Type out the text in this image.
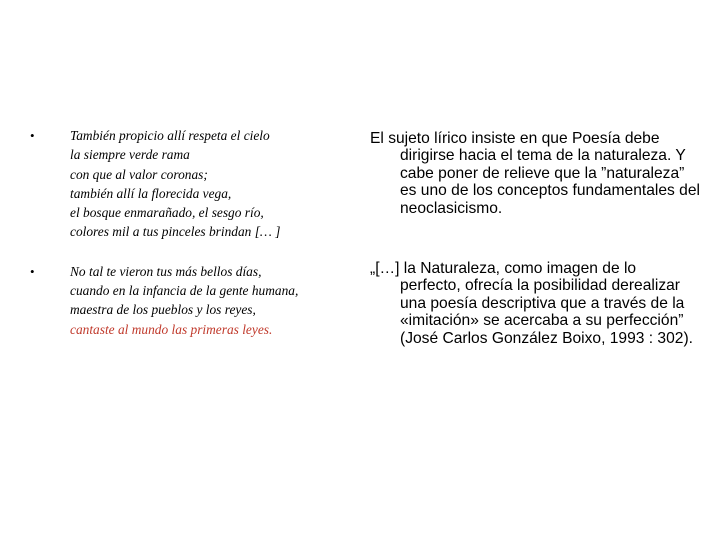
•	También propicio allí respeta el cielo
la siempre verde rama
con que al valor coronas;
también allí la florecida vega,
el bosque enmarañado, el sesgo río,
colores mil a tus pinceles brindan [… ]
•	No tal te vieron tus más bellos días,
cuando en la infancia de la gente humana,
maestra de los pueblos y los reyes,
cantaste al mundo las primeras leyes.

El sujeto lírico insiste en que Poesía debe dirigirse hacia el tema de la naturaleza. Y cabe poner de relieve que la ”naturaleza” es uno de los conceptos fundamentales del neoclasicismo.

„[…] la Naturaleza, como imagen de lo perfecto, ofrecía la posibilidad derealizar una poesía descriptiva que a través de la «imitación» se acercaba a su perfección” (José Carlos González Boixo, 1993 : 302).
